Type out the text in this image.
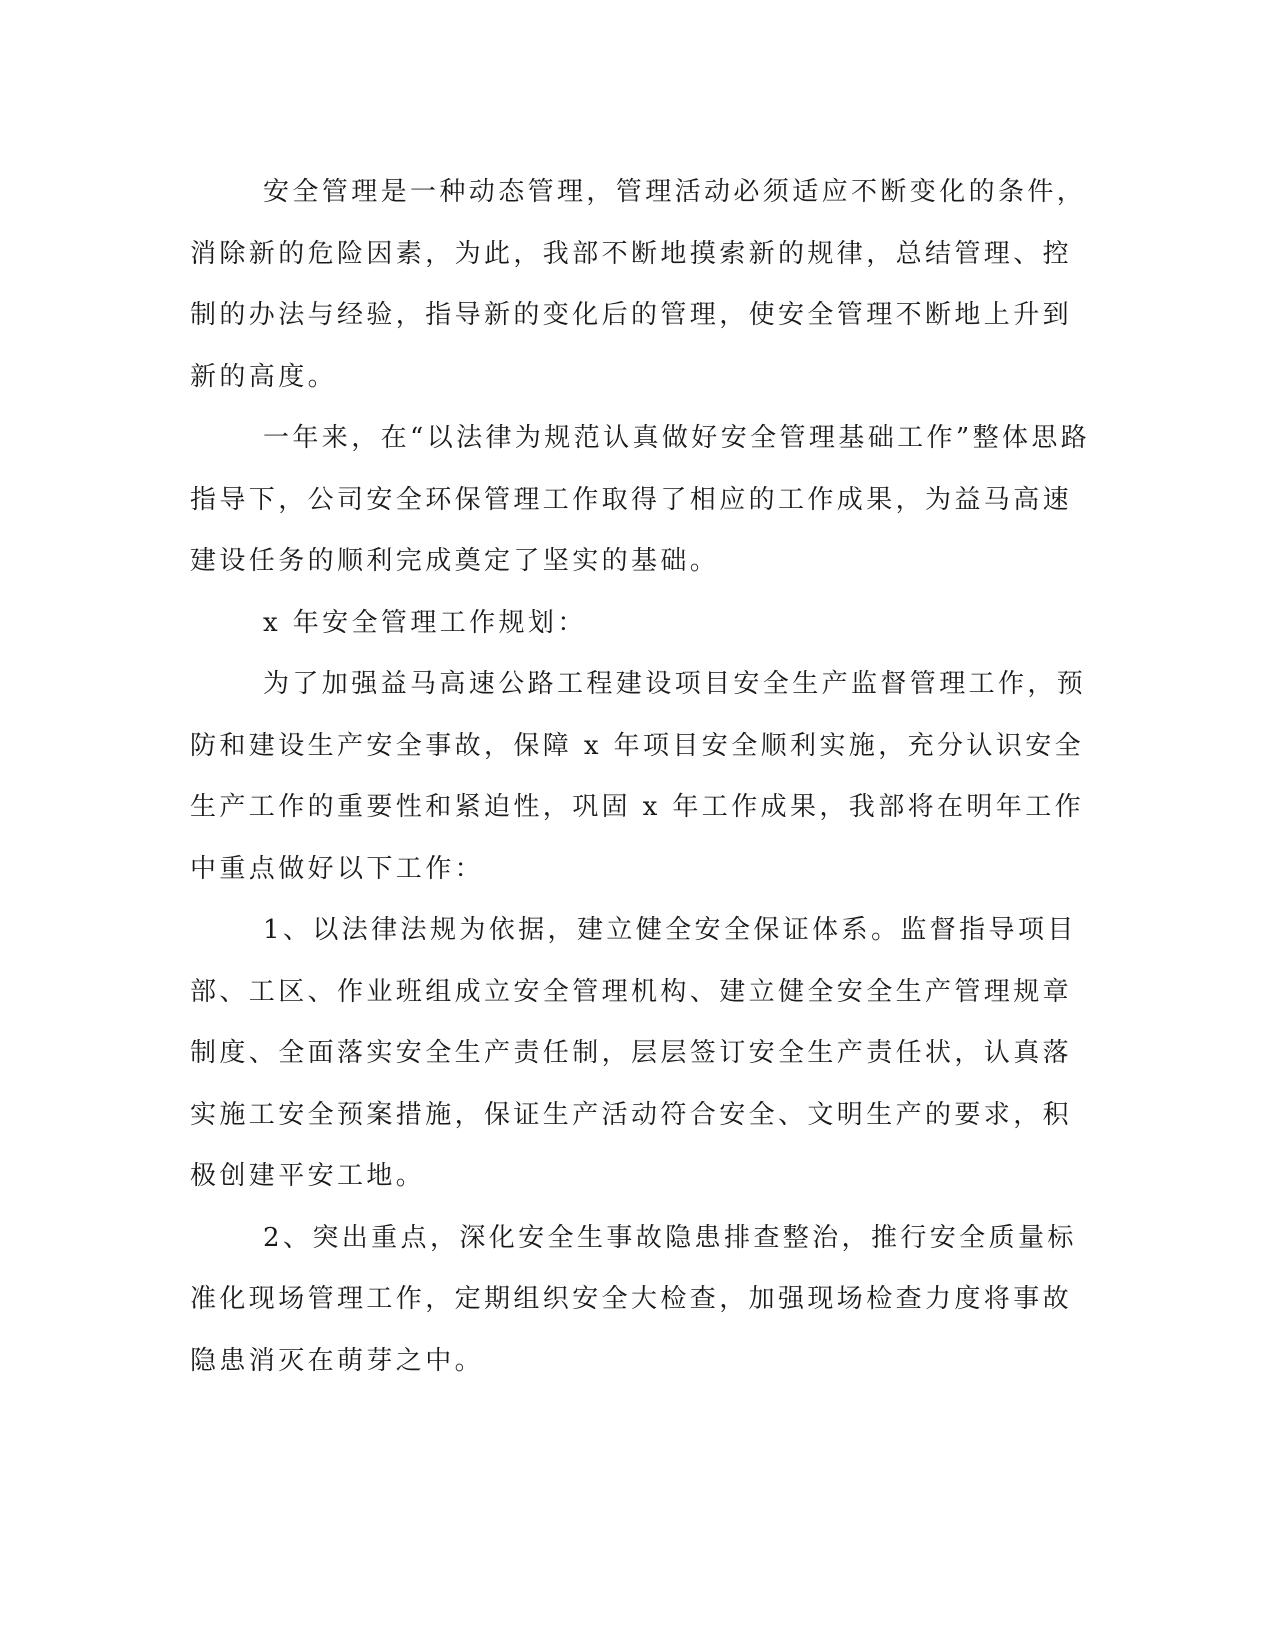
安全管理是一种动态管理，管理活动必须适应不断变化的条件，
消除新的危险因素，为此，我部不断地摸索新的规律，总结管理、控
制的办法与经验，指导新的变化后的管理，使安全管理不断地上升到
新的高度。

一年来，在“以法律为规范认真做好安全管理基础工作”整体思路
指导下，公司安全环保管理工作取得了相应的工作成果，为益马高速
建设任务的顺利完成奠定了坚实的基础。

x 年安全管理工作规划：

为了加强益马高速公路工程建设项目安全生产监督管理工作，预
防和建设生产安全事故，保障 x 年项目安全顺利实施，充分认识安全
生产工作的重要性和紧迫性，巩固 x 年工作成果，我部将在明年工作
中重点做好以下工作：

1、以法律法规为依据，建立健全安全保证体系。监督指导项目
部、工区、作业班组成立安全管理机构、建立健全安全生产管理规章
制度、全面落实安全生产责任制，层层签订安全生产责任状，认真落
实施工安全预案措施，保证生产活动符合安全、文明生产的要求，积
极创建平安工地。

2、突出重点，深化安全生事故隐患排查整治，推行安全质量标
准化现场管理工作，定期组织安全大检查，加强现场检查力度将事故
隐患消灭在萌芽之中。
